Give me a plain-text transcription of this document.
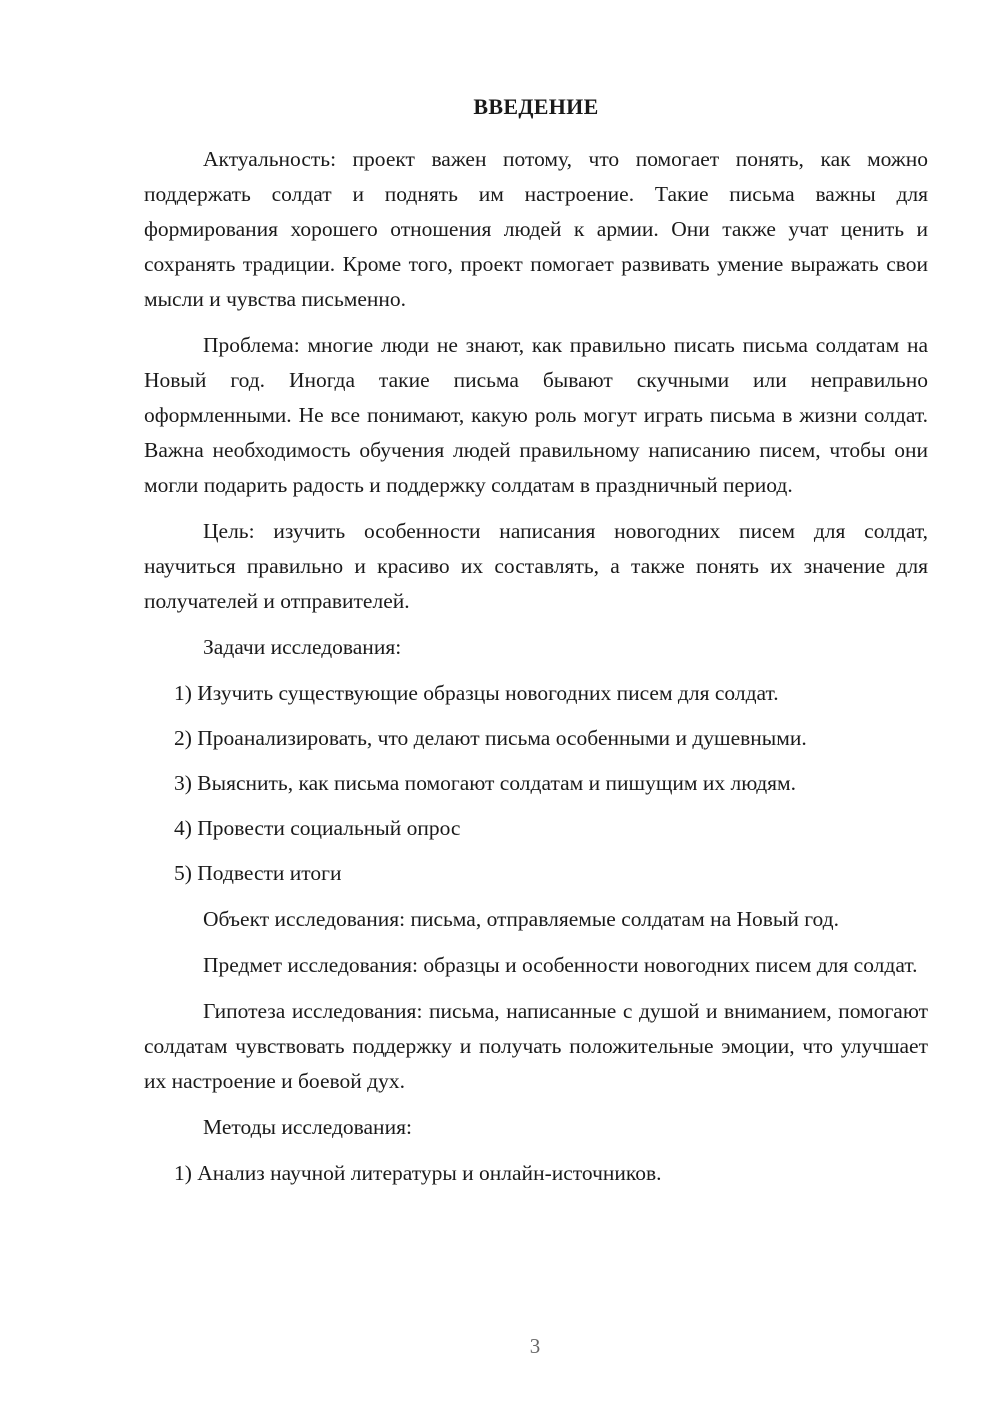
ВВЕДЕНИЕ

Актуальность: проект важен потому, что помогает понять, как можно поддержать солдат и поднять им настроение. Такие письма важны для формирования хорошего отношения людей к армии. Они также учат ценить и сохранять традиции. Кроме того, проект помогает развивать умение выражать свои мысли и чувства письменно.

Проблема: многие люди не знают, как правильно писать письма солдатам на Новый год. Иногда такие письма бывают скучными или неправильно оформленными. Не все понимают, какую роль могут играть письма в жизни солдат. Важна необходимость обучения людей правильному написанию писем, чтобы они могли подарить радость и поддержку солдатам в праздничный период.

Цель: изучить особенности написания новогодних писем для солдат, научиться правильно и красиво их составлять, а также понять их значение для получателей и отправителей.

Задачи исследования:

1) Изучить существующие образцы новогодних писем для солдат.
2) Проанализировать, что делают письма особенными и душевными.
3) Выяснить, как письма помогают солдатам и пишущим их людям.
4) Провести социальный опрос
5) Подвести итоги

Объект исследования: письма, отправляемые солдатам на Новый год.

Предмет исследования: образцы и особенности новогодних писем для солдат.

Гипотеза исследования: письма, написанные с душой и вниманием, помогают солдатам чувствовать поддержку и получать положительные эмоции, что улучшает их настроение и боевой дух.

Методы исследования:

1) Анализ научной литературы и онлайн-источников.
3
